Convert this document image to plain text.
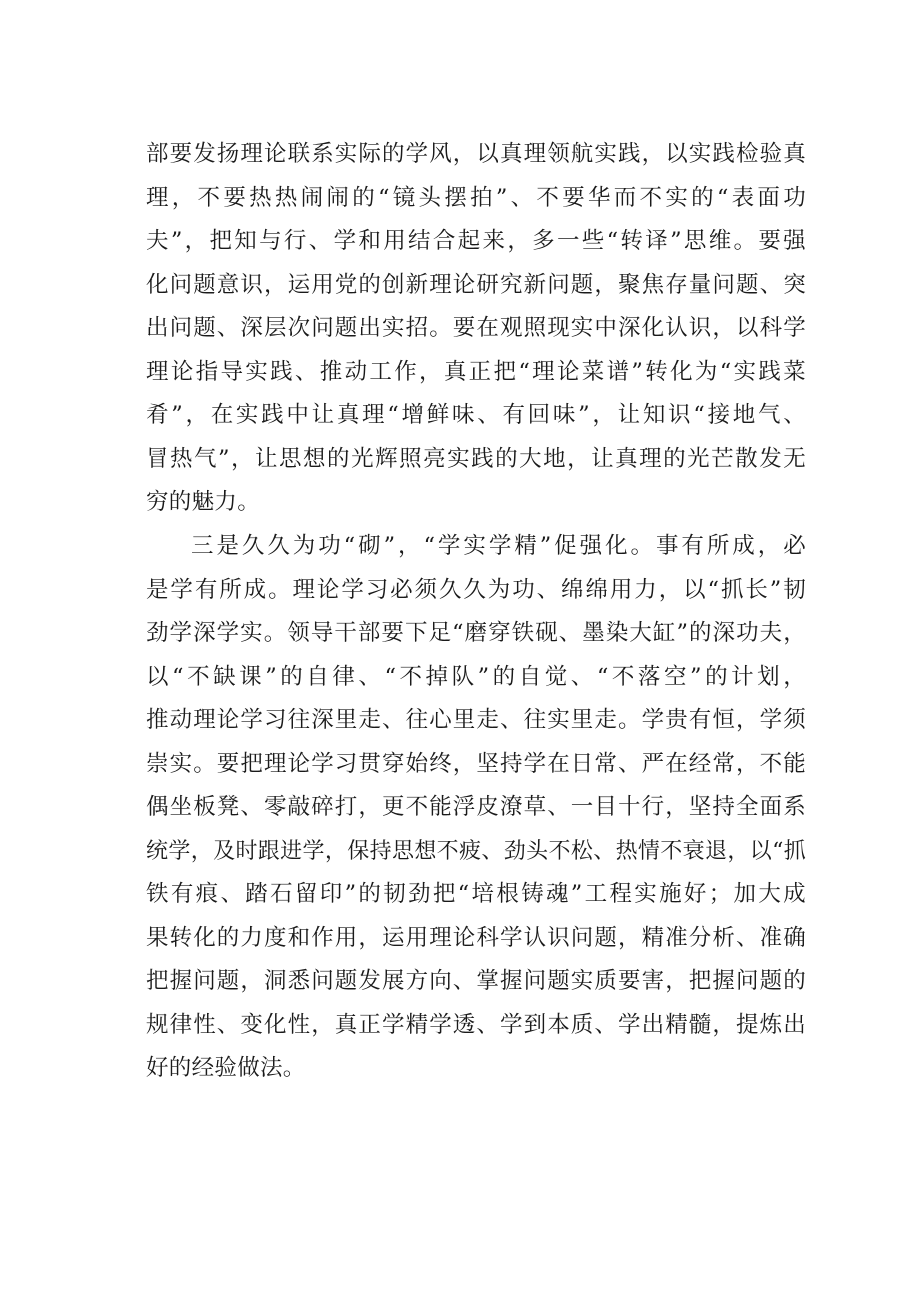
部要发扬理论联系实际的学风，以真理领航实践，以实践检验真
理，不要热热闹闹的“镜头摆拍”、不要华而不实的“表面功
夫”，把知与行、学和用结合起来，多一些“转译”思维。要强
化问题意识，运用党的创新理论研究新问题，聚焦存量问题、突
出问题、深层次问题出实招。要在观照现实中深化认识，以科学
理论指导实践、推动工作，真正把“理论菜谱”转化为“实践菜
肴”，在实践中让真理“增鲜味、有回味”，让知识“接地气、
冒热气”，让思想的光辉照亮实践的大地，让真理的光芒散发无
穷的魅力。
三是久久为功“砌”，“学实学精”促强化。事有所成，必
是学有所成。理论学习必须久久为功、绵绵用力，以“抓长”韧
劲学深学实。领导干部要下足“磨穿铁砚、墨染大缸”的深功夫，
以“不缺课”的自律、“不掉队”的自觉、“不落空”的计划，
推动理论学习往深里走、往心里走、往实里走。学贵有恒，学须
崇实。要把理论学习贯穿始终，坚持学在日常、严在经常，不能
偶坐板凳、零敲碎打，更不能浮皮潦草、一目十行，坚持全面系
统学，及时跟进学，保持思想不疲、劲头不松、热情不衰退，以“抓
铁有痕、踏石留印”的韧劲把“培根铸魂”工程实施好；加大成
果转化的力度和作用，运用理论科学认识问题，精准分析、准确
把握问题，洞悉问题发展方向、掌握问题实质要害，把握问题的
规律性、变化性，真正学精学透、学到本质、学出精髓，提炼出
好的经验做法。
